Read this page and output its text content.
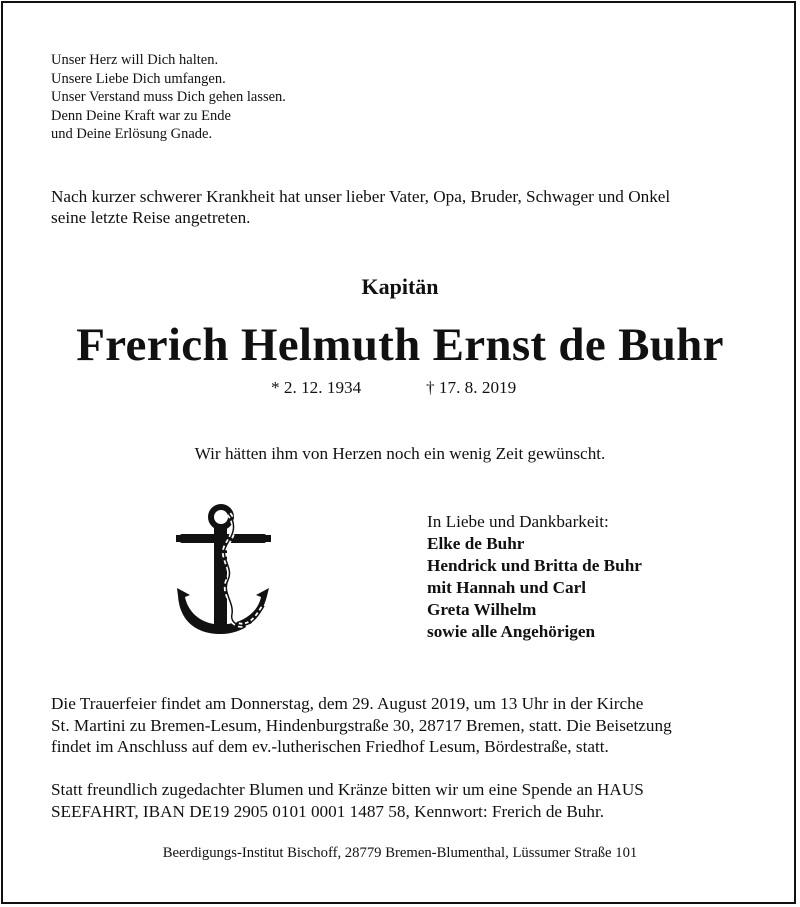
Unser Herz will Dich halten.
Unsere Liebe Dich umfangen.
Unser Verstand muss Dich gehen lassen.
Denn Deine Kraft war zu Ende
und Deine Erlösung Gnade.
Nach kurzer schwerer Krankheit hat unser lieber Vater, Opa, Bruder, Schwager und Onkel
seine letzte Reise angetreten.
Kapitän
Frerich Helmuth Ernst de Buhr
* 2. 12. 1934	† 17. 8. 2019
Wir hätten ihm von Herzen noch ein wenig Zeit gewünscht.
In Liebe und Dankbarkeit:
Elke de Buhr
Hendrick und Britta de Buhr
mit Hannah und Carl
Greta Wilhelm
sowie alle Angehörigen
Die Trauerfeier findet am Donnerstag, dem 29. August 2019, um 13 Uhr in der Kirche
St. Martini zu Bremen-Lesum, Hindenburgstraße 30, 28717 Bremen, statt. Die Beisetzung
findet im Anschluss auf dem ev.-lutherischen Friedhof Lesum, Bördestraße, statt.
Statt freundlich zugedachter Blumen und Kränze bitten wir um eine Spende an HAUS
SEEFAHRT, IBAN DE19 2905 0101 0001 1487 58, Kennwort: Frerich de Buhr.
Beerdigungs-Institut Bischoff, 28779 Bremen-Blumenthal, Lüssumer Straße 101
